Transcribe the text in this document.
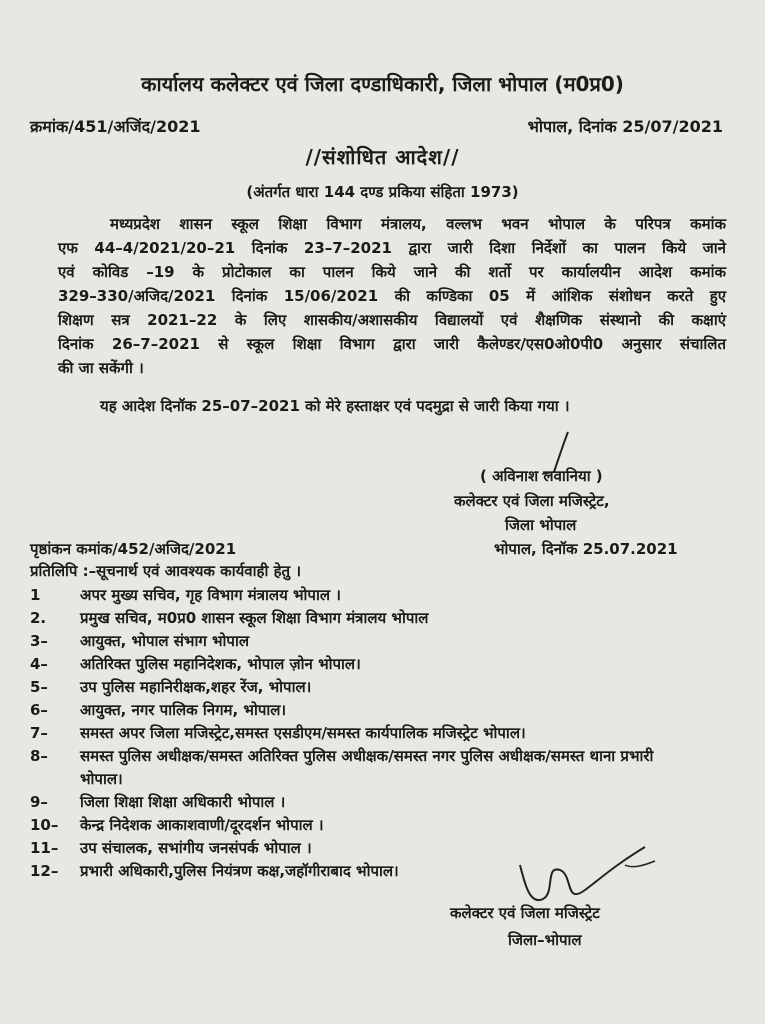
कार्यालय कलेक्टर एवं जिला दण्डाधिकारी, जिला भोपाल (म0प्र0)
क्रमांक/451/अजिंद/2021	भोपाल, दिनांक 25/07/2021
//संशोधित आदेश//
(अंतर्गत धारा 144 दण्ड प्रकिया संहिता 1973)
मध्यप्रदेश शासन स्कूल शिक्षा विभाग मंत्रालय, वल्लभ भवन भोपाल के परिपत्र कमांक
एफ 44–4/2021/20–21 दिनांक 23–7–2021 द्वारा जारी दिशा निर्देशों का पालन किये जाने
एवं कोविड –19 के प्रोटोकाल का पालन किये जाने की शर्तो पर कार्यालयीन आदेश कमांक
329–330/अजिद/2021 दिनांक 15/06/2021 की कण्डिका 05 में आंशिक संशोधन करते हुए
शिक्षण सत्र 2021–22 के लिए शासकीय/अशासकीय विद्यालयों एवं शैक्षणिक संस्थानो की कक्षाएं
दिनांक 26–7–2021 से स्कूल शिक्षा विभाग द्वारा जारी कैलेण्डर/एस0ओ0पी0 अनुसार संचालित
की जा सकेंगी ।
यह आदेश दिनॉक 25–07–2021 को मेरे हस्ताक्षर एवं पदमुद्रा से जारी किया गया ।
( अविनाश लवानिया )
कलेक्टर एवं जिला मजिस्ट्रेट,
जिला भोपाल
पृष्ठांकन कमांक/452/अजिद/2021	भोपाल, दिनॉक 25.07.2021
प्रतिलिपि :–सूचनार्थ एवं आवश्यक कार्यवाही हेतु ।
1	अपर मुख्य सचिव, गृह विभाग मंत्रालय भोपाल ।
2.	प्रमुख सचिव, म0प्र0 शासन स्कूल शिक्षा विभाग मंत्रालय भोपाल
3–	आयुक्त, भोपाल संभाग भोपाल
4–	अतिरिक्त पुलिस महानिदेशक, भोपाल ज़ोन भोपाल।
5–	उप पुलिस महानिरीक्षक,शहर रेंज, भोपाल।
6–	आयुक्त, नगर पालिक निगम, भोपाल।
7–	समस्त अपर जिला मजिस्ट्रेट,समस्त एसडीएम/समस्त कार्यपालिक मजिस्ट्रेट भोपाल।
8–	समस्त पुलिस अधीक्षक/समस्त अतिरिक्त पुलिस अधीक्षक/समस्त नगर पुलिस अधीक्षक/समस्त थाना प्रभारी भोपाल।
9–	जिला शिक्षा शिक्षा अधिकारी भोपाल ।
10–	केन्द्र निदेशक आकाशवाणी/दूरदर्शन भोपाल ।
11–	उप संचालक, सभांगीय जनसंपर्क भोपाल ।
12–	प्रभारी अधिकारी,पुलिस नियंत्रण कक्ष,जहॉगीराबाद भोपाल।
कलेक्टर एवं जिला मजिस्ट्रेट
जिला–भोपाल
